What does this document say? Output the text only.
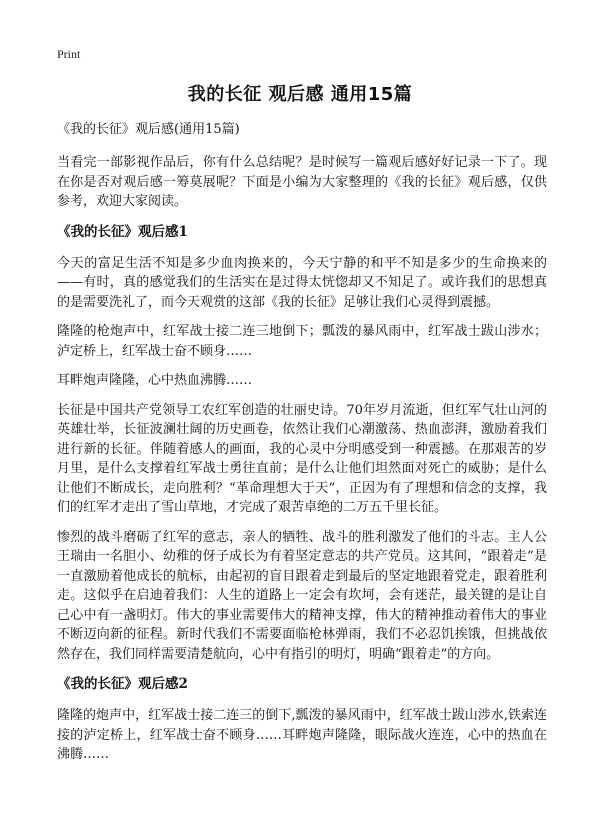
Print
我的长征 观后感 通用15篇

《我的长征》观后感(通用15篇)

当看完一部影视作品后，你有什么总结呢？是时候写一篇观后感好好记录一下了。现在你是否对观后感一筹莫展呢？下面是小编为大家整理的《我的长征》观后感，仅供参考，欢迎大家阅读。

《我的长征》观后感1

今天的富足生活不知是多少血肉换来的，今天宁静的和平不知是多少的生命换来的——有时，真的感觉我们的生活实在是过得太恍惚却又不知足了。或许我们的思想真的是需要洗礼了，而今天观赏的这部《我的长征》足够让我们心灵得到震撼。

隆隆的枪炮声中，红军战士接二连三地倒下；瓢泼的暴风雨中，红军战士跋山涉水；泸定桥上，红军战士奋不顾身……

耳畔炮声隆隆，心中热血沸腾……

长征是中国共产党领导工农红军创造的壮丽史诗。70年岁月流逝，但红军气壮山河的英雄壮举，长征波澜壮阔的历史画卷，依然让我们心潮激荡、热血澎湃，激励着我们进行新的长征。伴随着感人的画面，我的心灵中分明感受到一种震撼。在那艰苦的岁月里，是什么支撑着红军战士勇往直前；是什么让他们坦然面对死亡的威胁；是什么让他们不断成长，走向胜利？“革命理想大于天”，正因为有了理想和信念的支撑，我们的红军才走出了雪山草地，才完成了艰苦卓绝的二万五千里长征。

惨烈的战斗磨砺了红军的意志，亲人的牺牲、战斗的胜利激发了他们的斗志。主人公王瑞由一名胆小、幼稚的伢子成长为有着坚定意志的共产党员。这其间，“跟着走”是一直激励着他成长的航标，由起初的盲目跟着走到最后的坚定地跟着党走，跟着胜利走。这似乎在启迪着我们：人生的道路上一定会有坎坷，会有迷茫，最关键的是让自己心中有一盏明灯。伟大的事业需要伟大的精神支撑，伟大的精神推动着伟大的事业不断迈向新的征程。新时代我们不需要面临枪林弹雨，我们不必忍饥挨饿，但挑战依然存在，我们同样需要清楚航向，心中有指引的明灯，明确“跟着走”的方向。

《我的长征》观后感2

隆隆的炮声中，红军战士接二连三的倒下,瓢泼的暴风雨中，红军战士跋山涉水,铁索连接的泸定桥上，红军战士奋不顾身……耳畔炮声隆隆，眼际战火连连，心中的热血在沸腾……
